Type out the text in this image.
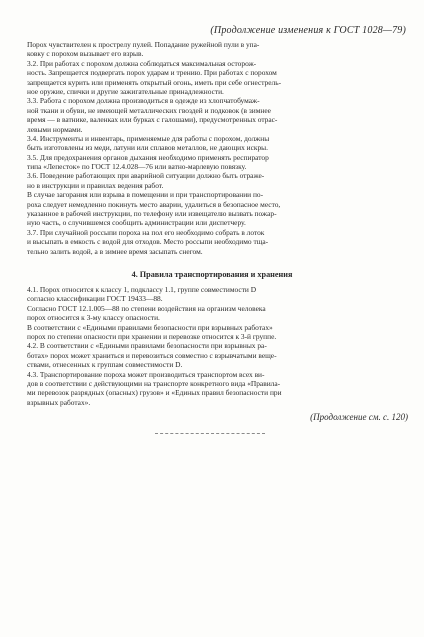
(Продолжение изменения к ГОСТ 1028—79)
Порох чувствителен к прострелу пулей. Попадание ружейной пули в упа-
ковку с порохом вызывает его взрыв.
3.2. При работах с порохом должна соблюдаться максимальная осторож-
ность. Запрещается подвергать порох ударам и трению. При работах с порохом
запрещается курить или применять открытый огонь, иметь при себе огнестрель-
ное оружие, спички и другие зажигательные принадлежности.
3.3. Работа с порохом должна производиться в одежде из хлопчатобумаж-
ной ткани и обуви, не имеющей металлических гвоздей и подковок (в зимнее
время — в ватнике, валенках или бурках с галошами), предусмотренных отрас-
левыми нормами.
3.4. Инструменты и инвентарь, применяемые для работы с порохом, должны
быть изготовлены из меди, латуни или сплавов металлов, не дающих искры.
3.5. Для предохранения органов дыхания необходимо применять респиратор
типа «Лепесток» по ГОСТ 12.4.028—76 или ватно-марлевую повязку.
3.6. Поведение работающих при аварийной ситуации должно быть отраже-
но в инструкции и правилах ведения работ.
В случае загорания или взрыва в помещении и при транспортировании по-
роха следует немедленно покинуть место аварии, удалиться в безопасное место,
указанное в рабочей инструкции, по телефону или извещателю вызвать пожар-
ную часть, о случившемся сообщить администрации или диспетчеру.
3.7. При случайной россыпи пороха на пол его необходимо собрать в лоток
и высыпать в емкость с водой для отходов. Место россыпи необходимо тща-
тельно залить водой, а в зимнее время засыпать снегом.
4. Правила транспортирования и хранения
4.1. Порох относится к классу 1, подклассу 1.1, группе совместимости D
согласно классификации ГОСТ 19433—88.
Согласно ГОСТ 12.1.005—88 по степени воздействия на организм человека
порох относится к 3-му классу опасности.
В соответствии с «Едиными правилами безопасности при взрывных работах»
порох по степени опасности при хранении и перевозке относится к 3-й группе.
4.2. В соответствии с «Едиными правилами безопасности при взрывных ра-
ботах» порох может храниться и перевозиться совместно с взрывчатыми веще-
ствами, отнесенных к группам совместимости D.
4.3. Транспортирование пороха может производиться транспортом всех ви-
дов в соответствии с действующими на транспорте конкретного вида «Правила-
ми перевозок разрядных (опасных) грузов» и «Единых правил безопасности при
взрывных работах».
(Продолжение см. с. 120)
